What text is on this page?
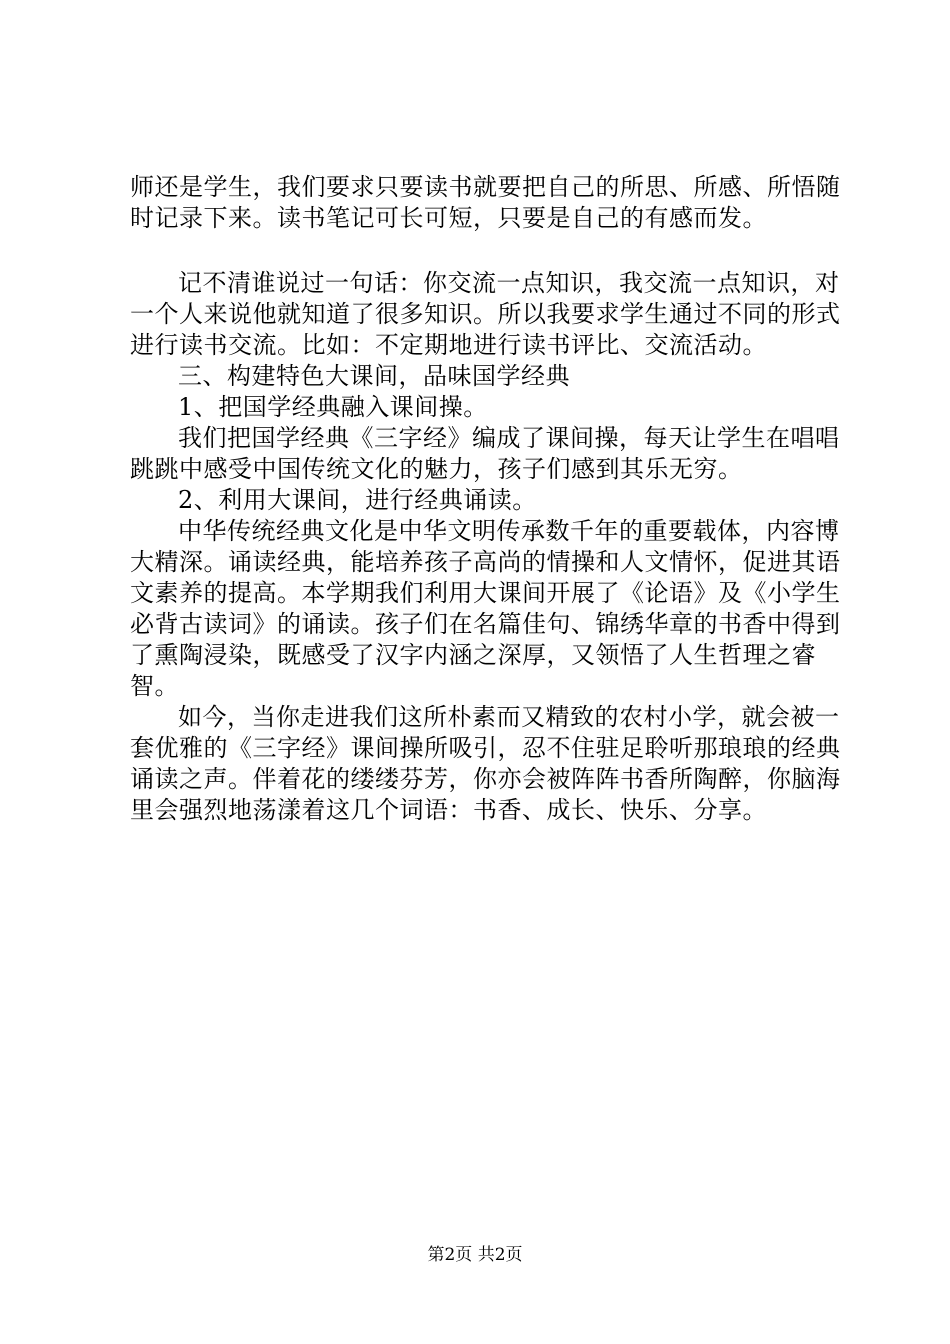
师还是学生，我们要求只要读书就要把自己的所思、所感、所悟随时记录下来。读书笔记可长可短，只要是自己的有感而发。

记不清谁说过一句话：你交流一点知识，我交流一点知识，对一个人来说他就知道了很多知识。所以我要求学生通过不同的形式进行读书交流。比如：不定期地进行读书评比、交流活动。

三、构建特色大课间，品味国学经典

1、把国学经典融入课间操。

我们把国学经典《三字经》编成了课间操，每天让学生在唱唱跳跳中感受中国传统文化的魅力，孩子们感到其乐无穷。

2、利用大课间，进行经典诵读。

中华传统经典文化是中华文明传承数千年的重要载体，内容博大精深。诵读经典，能培养孩子高尚的情操和人文情怀，促进其语文素养的提高。本学期我们利用大课间开展了《论语》及《小学生必背古读词》的诵读。孩子们在名篇佳句、锦绣华章的书香中得到了熏陶浸染，既感受了汉字内涵之深厚，又领悟了人生哲理之睿智。

如今，当你走进我们这所朴素而又精致的农村小学，就会被一套优雅的《三字经》课间操所吸引，忍不住驻足聆听那琅琅的经典诵读之声。伴着花的缕缕芬芳，你亦会被阵阵书香所陶醉，你脑海里会强烈地荡漾着这几个词语：书香、成长、快乐、分享。

第2页 共2页
